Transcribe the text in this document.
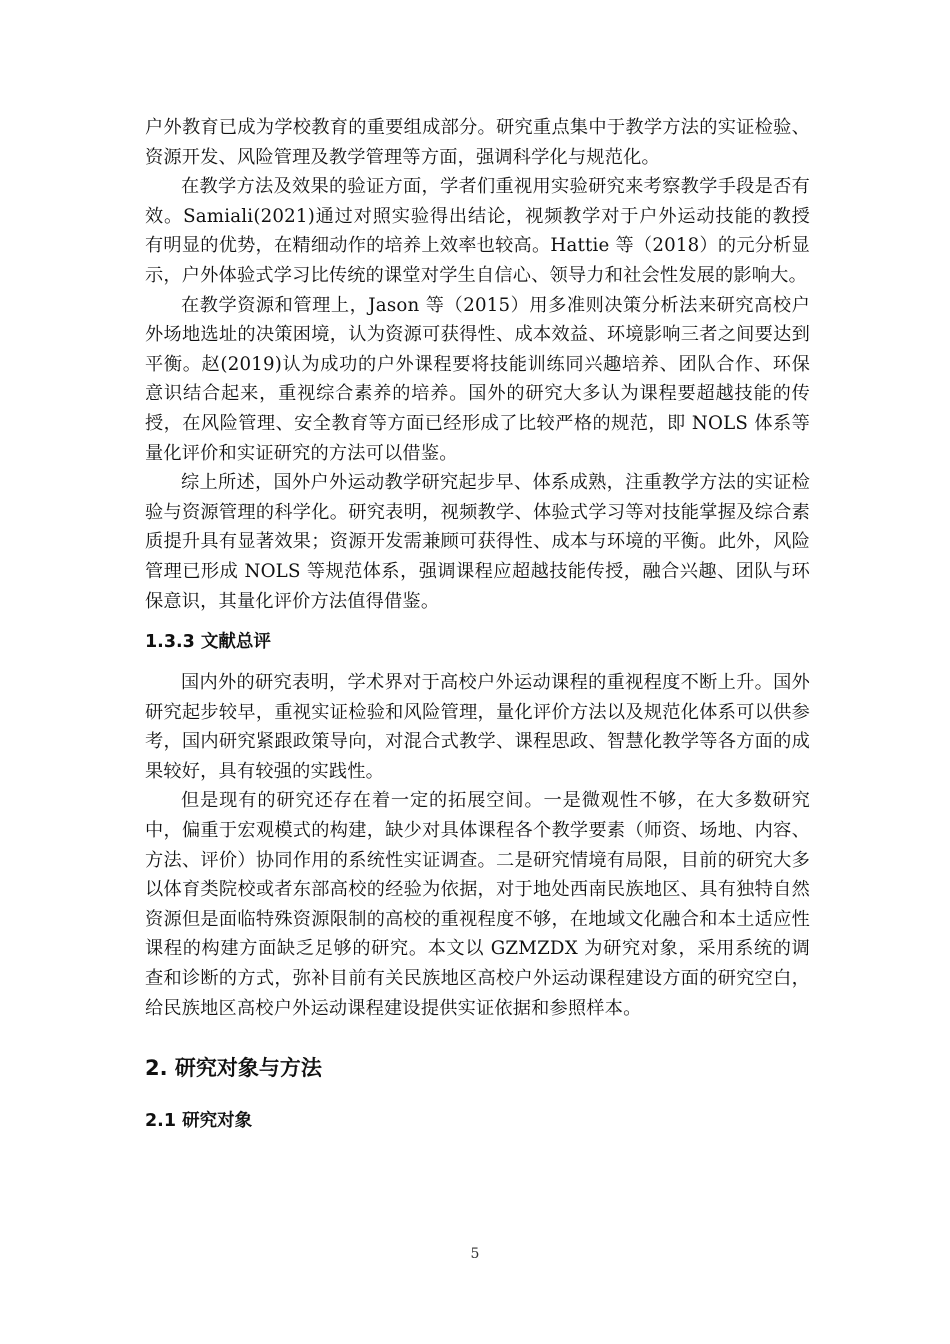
户外教育已成为学校教育的重要组成部分。研究重点集中于教学方法的实证检验、资源开发、风险管理及教学管理等方面，强调科学化与规范化。

在教学方法及效果的验证方面，学者们重视用实验研究来考察教学手段是否有效。Samiali(2021)通过对照实验得出结论，视频教学对于户外运动技能的教授有明显的优势，在精细动作的培养上效率也较高。Hattie 等（2018）的元分析显示，户外体验式学习比传统的课堂对学生自信心、领导力和社会性发展的影响大。

在教学资源和管理上，Jason 等（2015）用多准则决策分析法来研究高校户外场地选址的决策困境，认为资源可获得性、成本效益、环境影响三者之间要达到平衡。赵(2019)认为成功的户外课程要将技能训练同兴趣培养、团队合作、环保意识结合起来，重视综合素养的培养。国外的研究大多认为课程要超越技能的传授，在风险管理、安全教育等方面已经形成了比较严格的规范，即 NOLS 体系等量化评价和实证研究的方法可以借鉴。

综上所述，国外户外运动教学研究起步早、体系成熟，注重教学方法的实证检验与资源管理的科学化。研究表明，视频教学、体验式学习等对技能掌握及综合素质提升具有显著效果；资源开发需兼顾可获得性、成本与环境的平衡。此外，风险管理已形成 NOLS 等规范体系，强调课程应超越技能传授，融合兴趣、团队与环保意识，其量化评价方法值得借鉴。

1.3.3 文献总评

国内外的研究表明，学术界对于高校户外运动课程的重视程度不断上升。国外研究起步较早，重视实证检验和风险管理，量化评价方法以及规范化体系可以供参考，国内研究紧跟政策导向，对混合式教学、课程思政、智慧化教学等各方面的成果较好，具有较强的实践性。

但是现有的研究还存在着一定的拓展空间。一是微观性不够，在大多数研究中，偏重于宏观模式的构建，缺少对具体课程各个教学要素（师资、场地、内容、方法、评价）协同作用的系统性实证调查。二是研究情境有局限，目前的研究大多以体育类院校或者东部高校的经验为依据，对于地处西南民族地区、具有独特自然资源但是面临特殊资源限制的高校的重视程度不够，在地域文化融合和本土适应性课程的构建方面缺乏足够的研究。本文以 GZMZDX 为研究对象，采用系统的调查和诊断的方式，弥补目前有关民族地区高校户外运动课程建设方面的研究空白，给民族地区高校户外运动课程建设提供实证依据和参照样本。

2. 研究对象与方法
2.1 研究对象
5
